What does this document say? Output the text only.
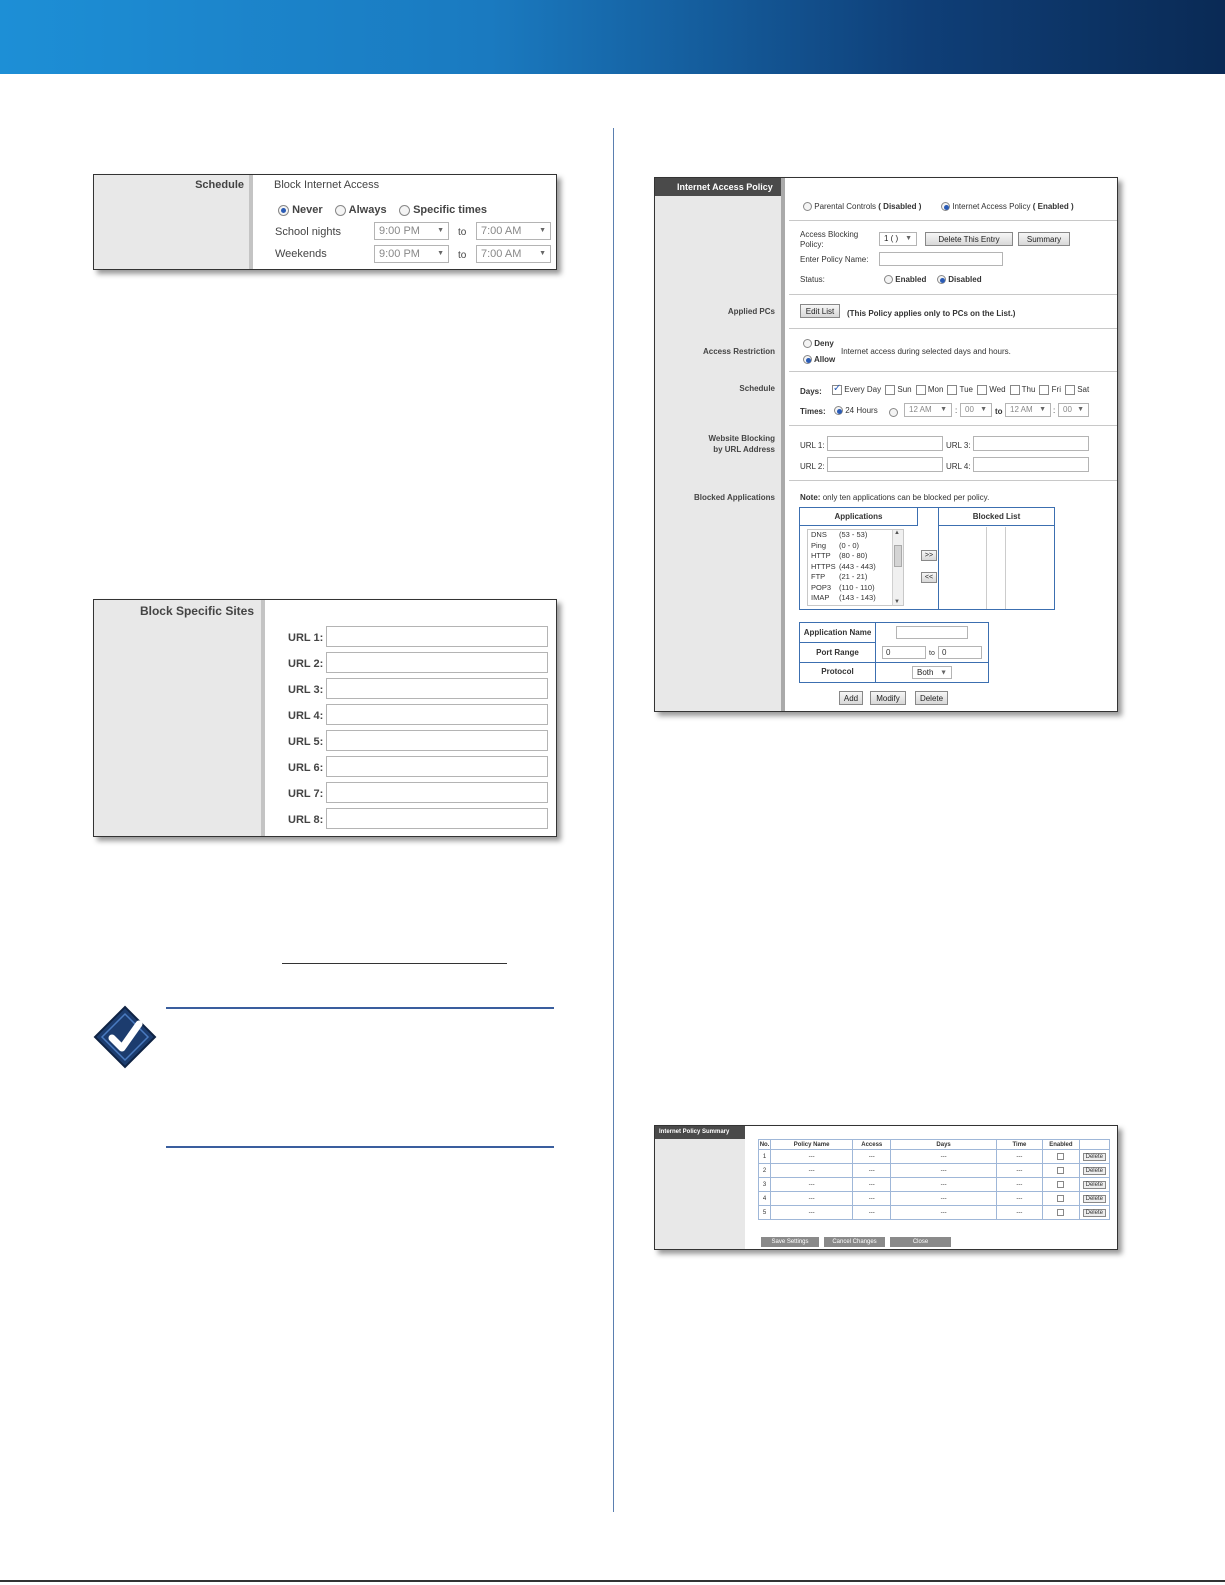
Schedule	Block Internet Access
Never	Always	Specific times
School nights	9:00 PM ▼ to	7:00 AM	▼
Weekends	9:00 PM ▼ to	7:00 AM	▼
Block Specific Sites
URL 1:
URL 2:
URL 3:
URL 4:
URL 5:
URL 6:
URL 7:
URL 8:
Internet Access Policy
Parental Controls ( Disabled )	Internet Access Policy ( Enabled )
Access Blocking Policy:
1 ( ) ▼	Delete This Entry	Summary
Enter Policy Name:
Status:	Enabled	Disabled
Applied PCs	Edit List	(This Policy applies only to PCs on the List.)
Access Restriction
Deny
Allow
Internet access during selected days and hours.
Schedule	Days: ✓	Every Day Sun Mon Tue Wed Thu Fri Sat
Times:	24 Hours	12 AM ▼ : 00 ▼ to 12 AM ▼ : 00 ▼
Website Blocking
by URL Address	URL 1:	URL 3:
URL 2:	URL 4:
Blocked Applications	Note: only ten applications can be blocked per policy.
Applications	Blocked List
DNS (53 - 53)
Ping (0 - 0)
HTTP (80 - 80)
HTTPS (443 - 443)
FTP (21 - 21)
POP3 (110 - 110)
IMAP (143 - 143)
▲
▼
>>
<<
Application Name
Port Range	0	to 0
Protocol	Both ▼
Add	Modify	Delete
Internet Policy Summary
No.	Policy Name	Access	Days	Time	Enabled	
1	---	---	---	---		Delete
2	---	---	---	---		Delete
3	---	---	---	---		Delete
4	---	---	---	---		Delete
5	---	---	---	---		Delete
Save Settings	Cancel Changes	Close
